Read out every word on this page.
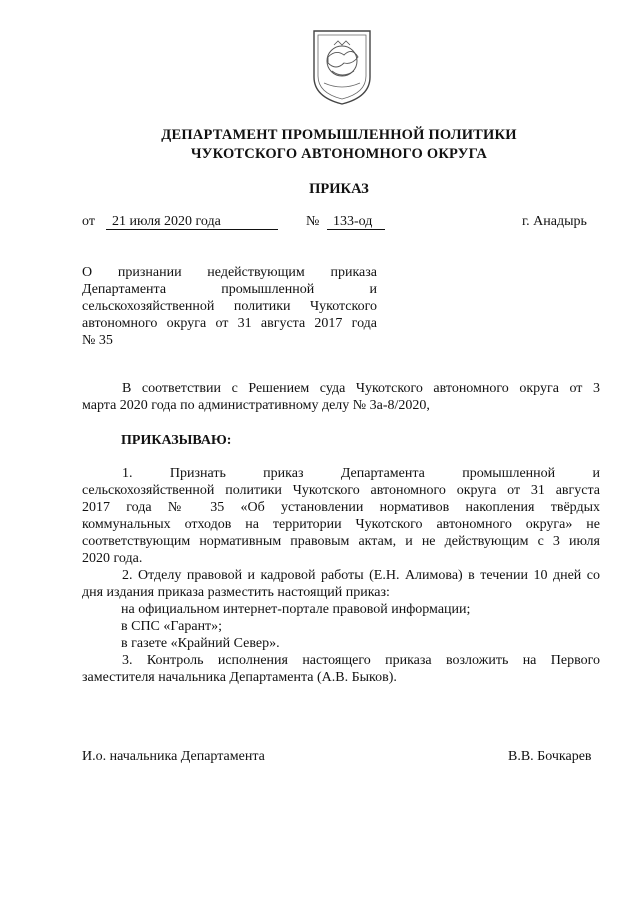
ДЕПАРТАМЕНТ ПРОМЫШЛЕННОЙ ПОЛИТИКИ
ЧУКОТСКОГО АВТОНОМНОГО ОКРУГА
ПРИКАЗ
от	21 июля 2020 года	№ 133-од	г. Анадырь
О признании недействующим приказа
Департамента промышленной и
сельскохозяйственной политики Чукотского
автономного округа от 31 августа 2017 года
№ 35
В соответствии с Решением суда Чукотского автономного округа от 3
марта 2020 года по административному делу № 3а-8/2020,
ПРИКАЗЫВАЮ:
1. Признать приказ Департамента промышленной и
сельскохозяйственной политики Чукотского автономного округа от 31 августа
2017 года № 35 «Об установлении нормативов накопления твёрдых
коммунальных отходов на территории Чукотского автономного округа» не
соответствующим нормативным правовым актам, и не действующим с 3 июля
2020 года.
2. Отделу правовой и кадровой работы (Е.Н. Алимова) в течении 10 дней со
дня издания приказа разместить настоящий приказ:
на официальном интернет-портале правовой информации;
в СПС «Гарант»;
в газете «Крайний Север».
3. Контроль исполнения настоящего приказа возложить на Первого
заместителя начальника Департамента (А.В. Быков).
И.о. начальника Департамента	В.В. Бочкарев
